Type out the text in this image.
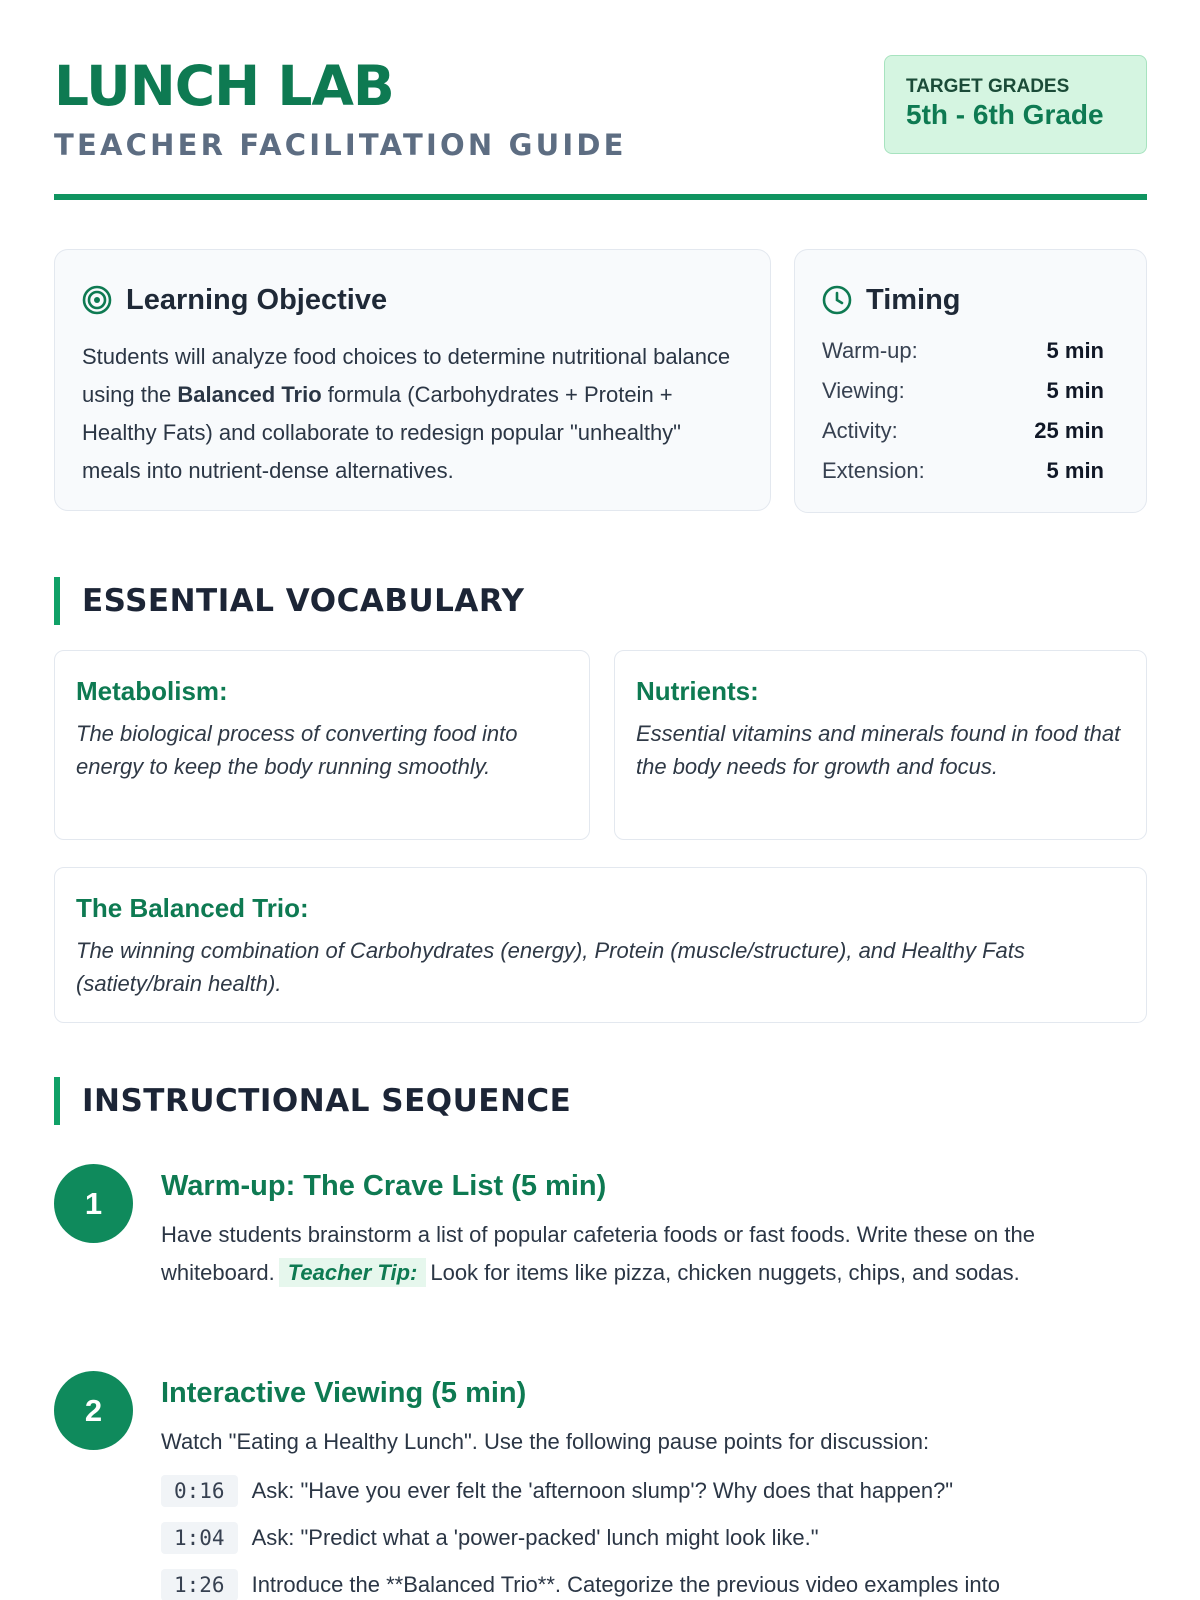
LUNCH LAB
TEACHER FACILITATION GUIDE
TARGET GRADES
5th - 6th Grade
Learning Objective
Students will analyze food choices to determine nutritional balance using the Balanced Trio formula (Carbohydrates + Protein + Healthy Fats) and collaborate to redesign popular "unhealthy" meals into nutrient-dense alternatives.
Timing
Warm-up:	5 min
Viewing:	5 min
Activity:	25 min
Extension:	5 min
ESSENTIAL VOCABULARY
Metabolism:
The biological process of converting food into energy to keep the body running smoothly.
Nutrients:
Essential vitamins and minerals found in food that the body needs for growth and focus.
The Balanced Trio:
The winning combination of Carbohydrates (energy), Protein (muscle/structure), and Healthy Fats (satiety/brain health).
INSTRUCTIONAL SEQUENCE
1	Warm-up: The Crave List (5 min)
Have students brainstorm a list of popular cafeteria foods or fast foods. Write these on the whiteboard. Teacher Tip: Look for items like pizza, chicken nuggets, chips, and sodas.
2	Interactive Viewing (5 min)
Watch "Eating a Healthy Lunch". Use the following pause points for discussion:
0:16	Ask: "Have you ever felt the 'afternoon slump'? Why does that happen?"
1:04	Ask: "Predict what a 'power-packed' lunch might look like."
1:26	Introduce the **Balanced Trio**. Categorize the previous video examples into
